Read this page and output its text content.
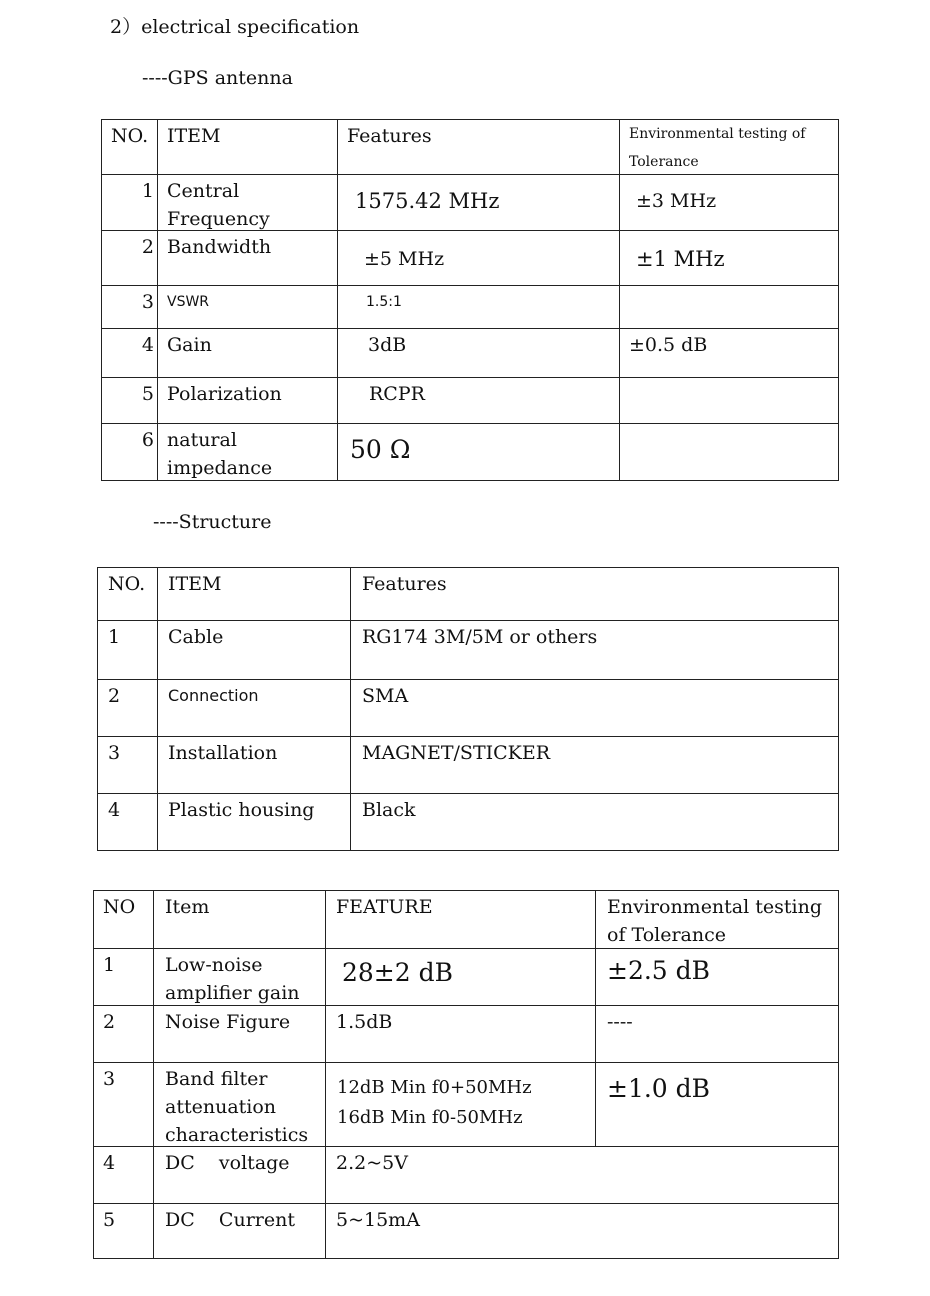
2）electrical specification
----GPS antenna
NO.	ITEM	Features	Environmental testing of
Tolerance

1	Central
Frequency	1575.42 MHz	±3 MHz

2	Bandwidth	±5 MHz	±1 MHz

3	VSWR	1.5:1	

4	Gain	3dB	±0.5 dB

5	Polarization	RCPR	

6	natural
impedance	50 Ω	

----Structure
NO.	ITEM	Features

1	Cable	RG174 3M/5M or others

2	Connection	SMA

3	Installation	MAGNET/STICKER

4	Plastic housing	Black
NO	Item	FEATURE	Environmental testing
of Tolerance

1	Low-noise
amplifier gain	28±2 dB	±2.5 dB

2	Noise Figure	1.5dB	----

3	Band filter
attenuation
characteristics	12dB Min f0+50MHz
16dB Min f0-50MHz	±1.0 dB

4	DC    voltage	2.2~5V	

5	DC    Current	5~15mA	
